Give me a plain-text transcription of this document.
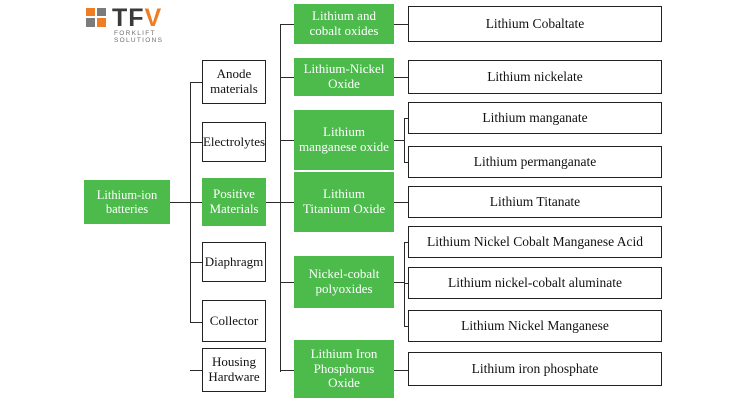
TFV
FORKLIFT SOLUTIONS
Lithium-ion batteries
Anode materials
Electrolytes
Positive Materials
Diaphragm
Collector
Housing Hardware
Lithium and cobalt oxides
Lithium-Nickel Oxide
Lithium manganese oxide
Lithium Titanium Oxide
Nickel-cobalt polyoxides
Lithium Iron Phosphorus Oxide
Lithium Cobaltate
Lithium nickelate
Lithium manganate
Lithium permanganate
Lithium Titanate
Lithium Nickel Cobalt Manganese Acid
Lithium nickel-cobalt aluminate
Lithium Nickel Manganese
Lithium iron phosphate
